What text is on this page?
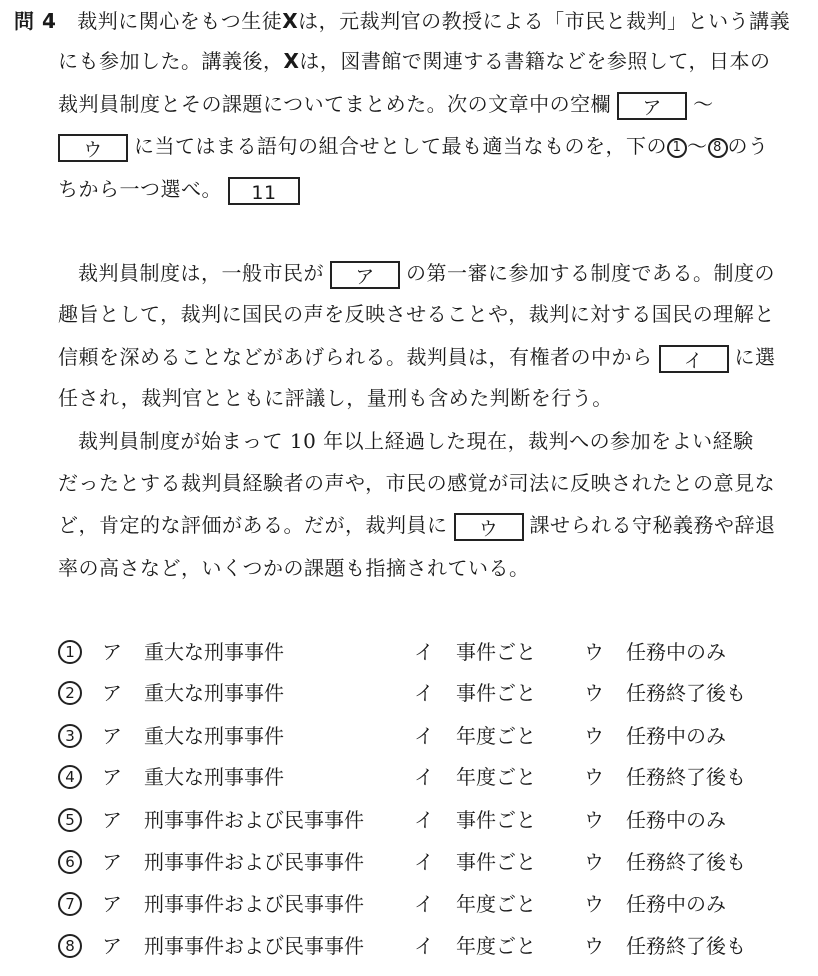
問 4 裁判に関心をもつ生徒Xは，元裁判官の教授による「市民と裁判」という講義
にも参加した。講義後，Xは，図書館で関連する書籍などを参照して，日本の
裁判員制度とその課題についてまとめた。次の文章中の空欄 ア 〜
ウ に当てはまる語句の組合せとして最も適当なものを，下の 1 〜 8 のう
ちから一つ選べ。 11
裁判員制度は，一般市民が ア の第一審に参加する制度である。制度の
趣旨として，裁判に国民の声を反映させることや，裁判に対する国民の理解と
信頼を深めることなどがあげられる。裁判員は，有権者の中から イ に選
任され，裁判官とともに評議し，量刑も含めた判断を行う。
裁判員制度が始まって 10 年以上経過した現在，裁判への参加をよい経験
だったとする裁判員経験者の声や，市民の感覚が司法に反映されたとの意見な
ど，肯定的な評価がある。だが，裁判員に ウ 課せられる守秘義務や辞退
率の高さなど，いくつかの課題も指摘されている。
1	ア 重大な刑事事件	イ 事件ごと ウ 任務中のみ
2	ア 重大な刑事事件	イ 事件ごと ウ 任務終了後も
3	ア 重大な刑事事件	イ 年度ごと ウ 任務中のみ
4	ア 重大な刑事事件	イ 年度ごと ウ 任務終了後も
5	ア 刑事事件および民事事件	イ 事件ごと ウ 任務中のみ
6	ア 刑事事件および民事事件	イ 事件ごと ウ 任務終了後も
7	ア 刑事事件および民事事件	イ 年度ごと ウ 任務中のみ
8	ア 刑事事件および民事事件	イ 年度ごと ウ 任務終了後も
